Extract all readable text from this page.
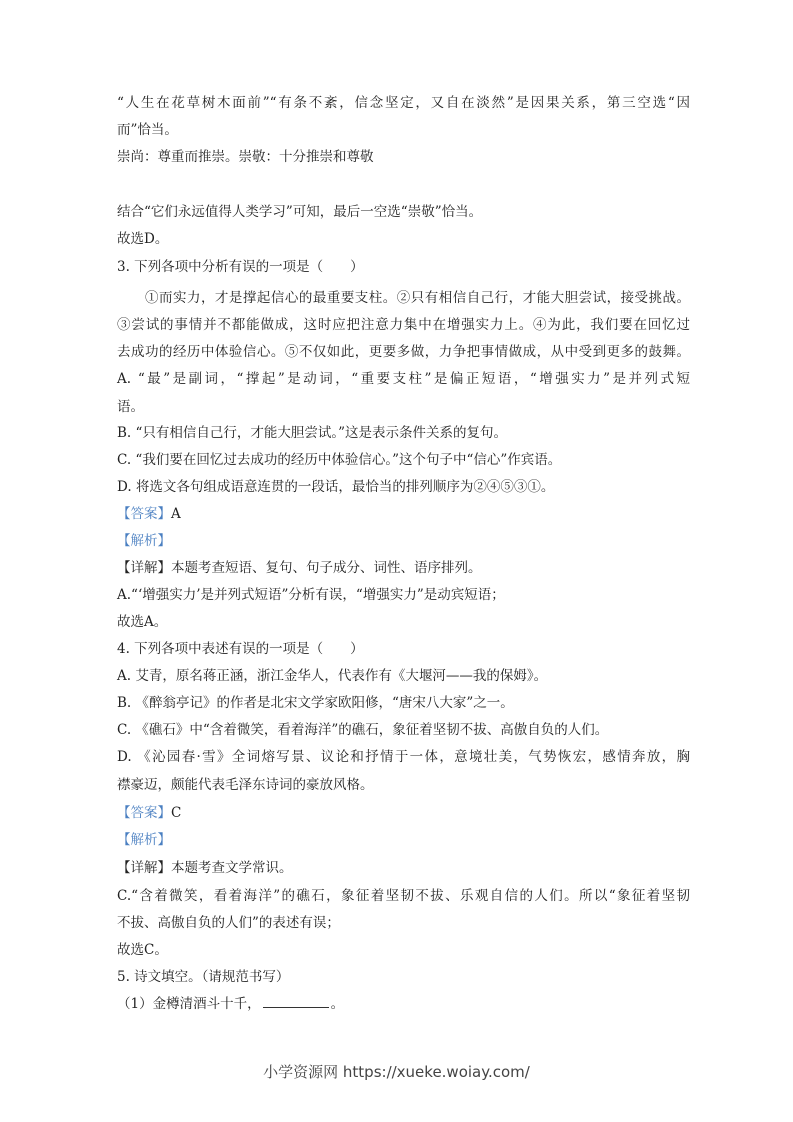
“人生在花草树木面前”“有条不紊，信念坚定，又自在淡然”是因果关系，第三空选“因
而”恰当。
崇尚：尊重而推崇。崇敬：十分推崇和尊敬
结合“它们永远值得人类学习”可知，最后一空选“崇敬”恰当。
故选D。
3. 下列各项中分析有误的一项是（　　）
①而实力，才是撑起信心的最重要支柱。②只有相信自己行，才能大胆尝试，接受挑战。
③尝试的事情并不都能做成，这时应把注意力集中在增强实力上。④为此，我们要在回忆过
去成功的经历中体验信心。⑤不仅如此，更要多做，力争把事情做成，从中受到更多的鼓舞。
A. “最”是副词，“撑起”是动词，“重要支柱”是偏正短语，“增强实力”是并列式短
语。
B. “只有相信自己行，才能大胆尝试。”这是表示条件关系的复句。
C. “我们要在回忆过去成功的经历中体验信心。”这个句子中“信心”作宾语。
D. 将选文各句组成语意连贯的一段话，最恰当的排列顺序为②④⑤③①。
【答案】A
【解析】
【详解】本题考查短语、复句、句子成分、词性、语序排列。
A.“‘增强实力’是并列式短语”分析有误，“增强实力”是动宾短语；
故选A。
4. 下列各项中表述有误的一项是（　　）
A. 艾青，原名蒋正涵，浙江金华人，代表作有《大堰河——我的保姆》。
B. 《醉翁亭记》的作者是北宋文学家欧阳修，“唐宋八大家”之一。
C. 《礁石》中“含着微笑，看着海洋”的礁石，象征着坚韧不拔、高傲自负的人们。
D. 《沁园春·雪》全词熔写景、议论和抒情于一体，意境壮美，气势恢宏，感情奔放，胸
襟豪迈，颇能代表毛泽东诗词的豪放风格。
【答案】C
【解析】
【详解】本题考查文学常识。
C.“含着微笑，看着海洋”的礁石，象征着坚韧不拔、乐观自信的人们。所以“象征着坚韧
不拔、高傲自负的人们”的表述有误；
故选C。
5. 诗文填空。（请规范书写）
（1）金樽清酒斗十千，	。
小学资源网 https://xueke.woiay.com/
